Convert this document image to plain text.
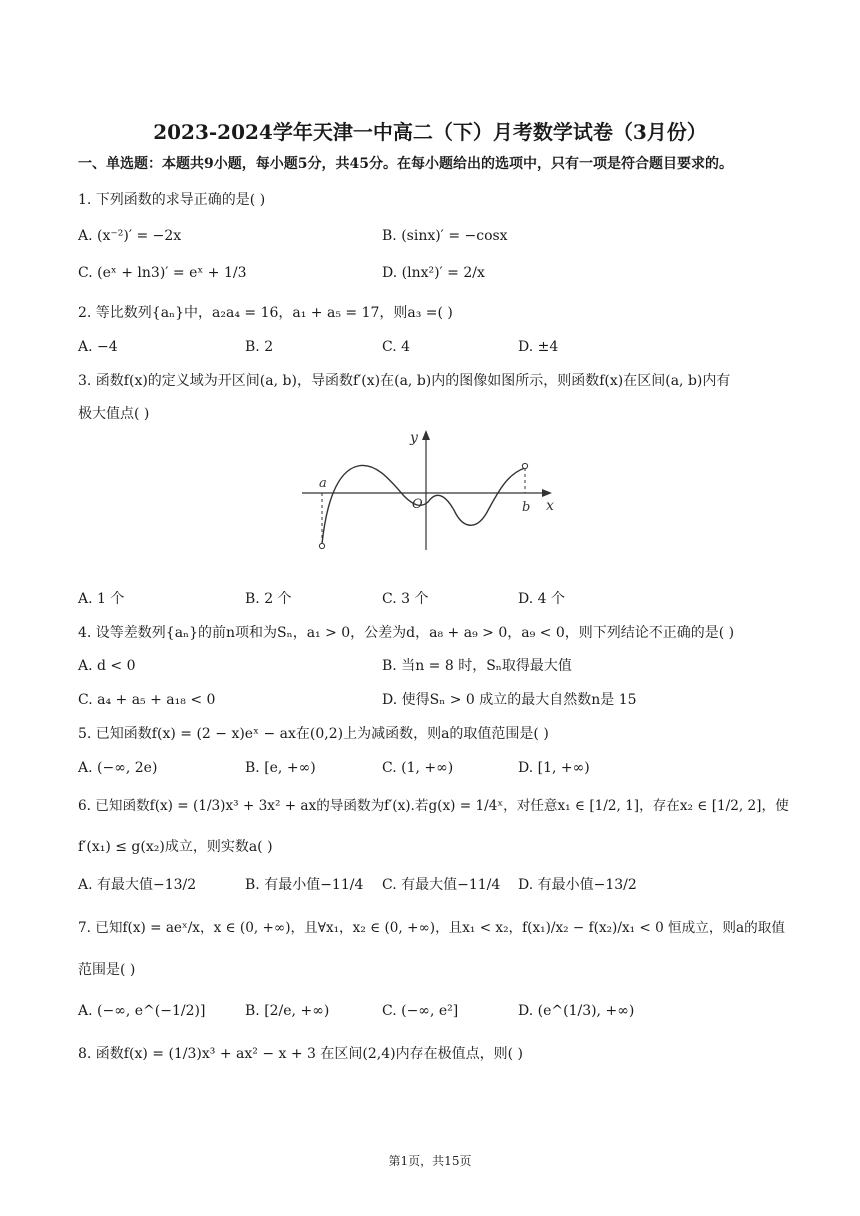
2023-2024学年天津一中高二（下）月考数学试卷（3月份）
一、单选题：本题共9小题，每小题5分，共45分。在每小题给出的选项中，只有一项是符合题目要求的。
1. 下列函数的求导正确的是( )
A. (x⁻²)′ = −2x	B. (sinx)′ = −cosx
C. (eˣ + ln3)′ = eˣ + 1/3	D. (lnx²)′ = 2/x
2. 等比数列{aₙ}中，a₂a₄ = 16，a₁ + a₅ = 17，则a₃ =( )
A. −4	B. 2	C. 4	D. ±4
3. 函数f(x)的定义域为开区间(a, b)，导函数f′(x)在(a, b)内的图像如图所示，则函数f(x)在区间(a, b)内有
极大值点( )
y
x
O
a
b
A. 1 个	B. 2 个	C. 3 个	D. 4 个
4. 设等差数列{aₙ}的前n项和为Sₙ，a₁ > 0，公差为d，a₈ + a₉ > 0，a₉ < 0，则下列结论不正确的是( )
A. d < 0	B. 当n = 8 时，Sₙ取得最大值
C. a₄ + a₅ + a₁₈ < 0	D. 使得Sₙ > 0 成立的最大自然数n是 15
5. 已知函数f(x) = (2 − x)eˣ − ax在(0,2)上为减函数，则a的取值范围是( )
A. (−∞, 2e)	B. [e, +∞)	C. (1, +∞)	D. [1, +∞)
6. 已知函数f(x) = (1/3)x³ + 3x² + ax的导函数为f′(x).若g(x) = 1/4ˣ，对任意x₁ ∈ [1/2, 1]，存在x₂ ∈ [1/2, 2]，使
f′(x₁) ≤ g(x₂)成立，则实数a( )
A. 有最大值−13/2	B. 有最小值−11/4 C. 有最大值−11/4 D. 有最小值−13/2
7. 已知f(x) = aeˣ/x，x ∈ (0, +∞)，且∀x₁，x₂ ∈ (0, +∞)，且x₁ < x₂，f(x₁)/x₂ − f(x₂)/x₁ < 0 恒成立，则a的取值
范围是( )
A. (−∞, e^(−1/2)]	B. [2/e, +∞)	C. (−∞, e²]	D. (e^(1/3), +∞)
8. 函数f(x) = (1/3)x³ + ax² − x + 3 在区间(2,4)内存在极值点，则( )
第1页，共15页
